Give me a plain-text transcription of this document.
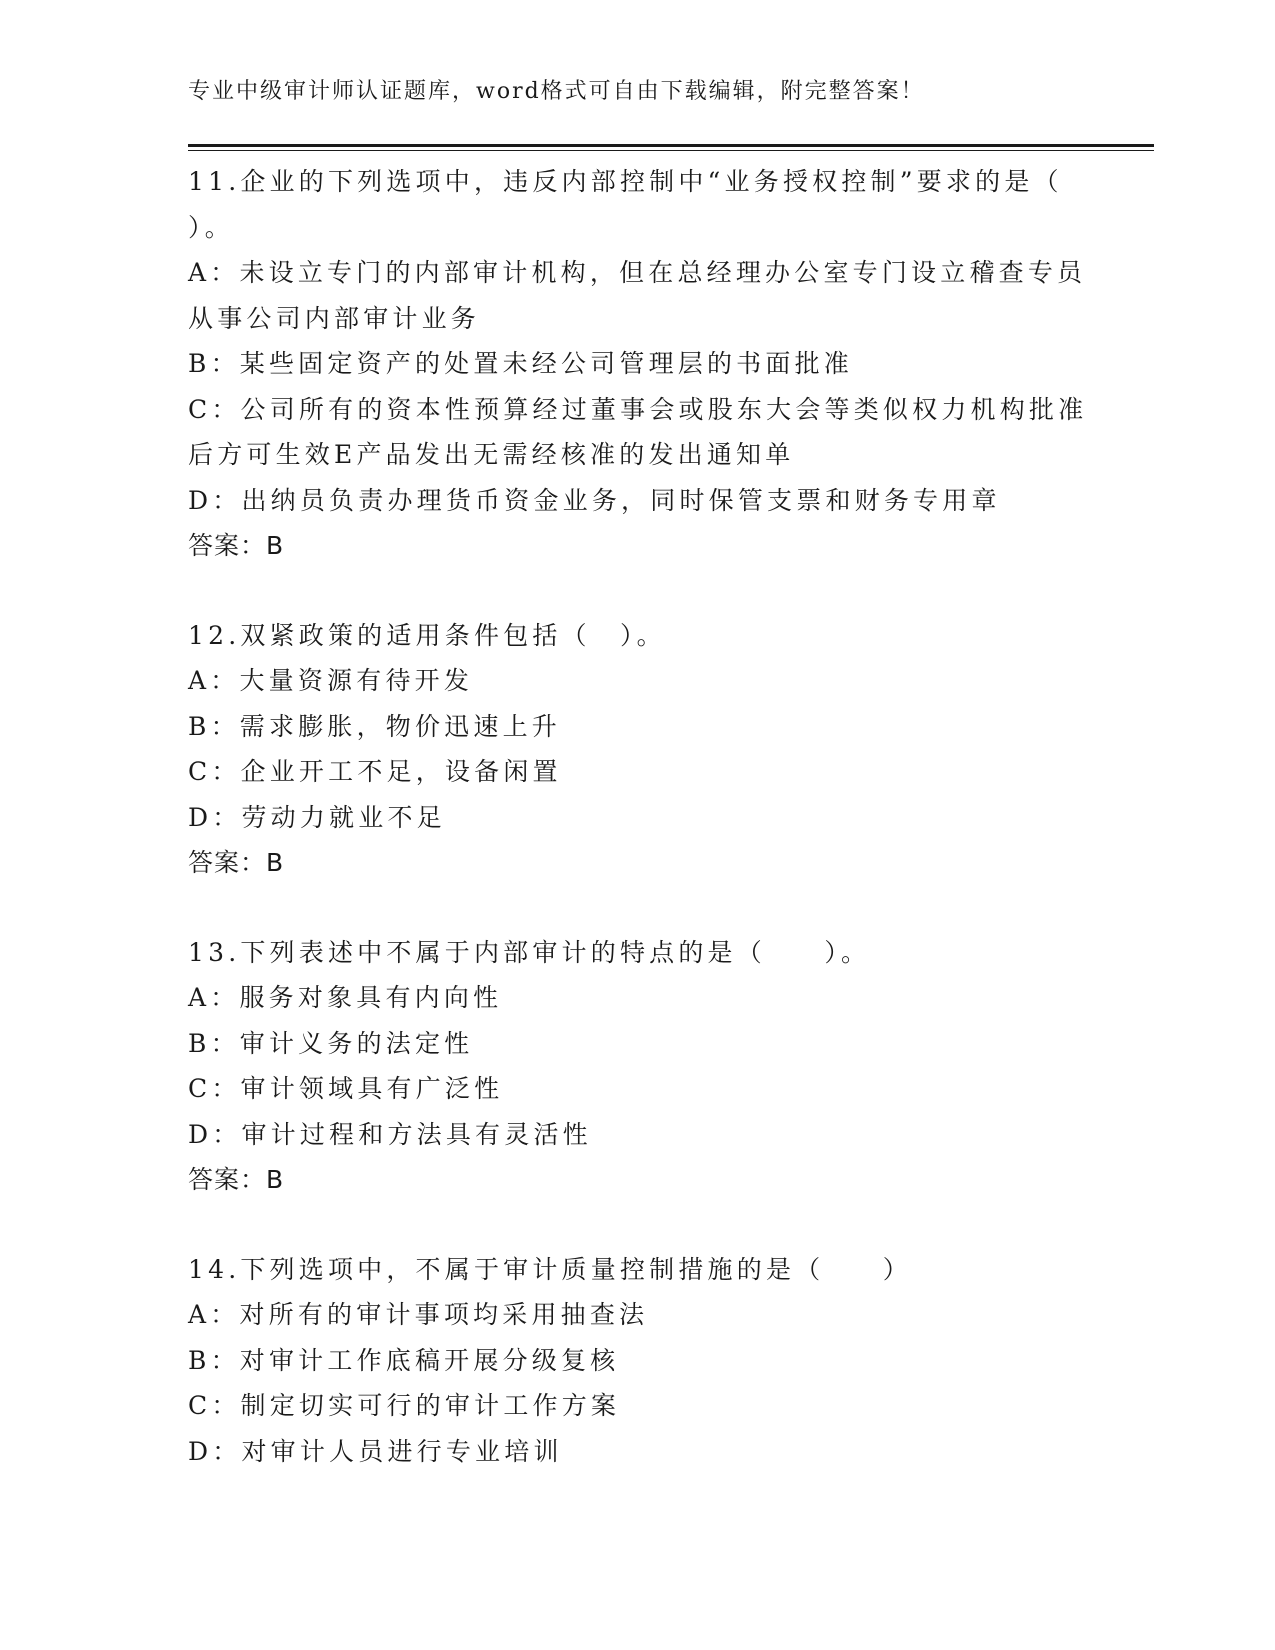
专业中级审计师认证题库，word格式可自由下载编辑，附完整答案！
11.企业的下列选项中，违反内部控制中“业务授权控制”要求的是（ ）。
A：未设立专门的内部审计机构，但在总经理办公室专门设立稽查专员从事公司内部审计业务
B：某些固定资产的处置未经公司管理层的书面批准
C：公司所有的资本性预算经过董事会或股东大会等类似权力机构批准后方可生效E产品发出无需经核准的发出通知单
D：出纳员负责办理货币资金业务，同时保管支票和财务专用章
答案：B
12.双紧政策的适用条件包括（　）。
A：大量资源有待开发
B：需求膨胀，物价迅速上升
C：企业开工不足，设备闲置
D：劳动力就业不足
答案：B
13.下列表述中不属于内部审计的特点的是（　　）。
A：服务对象具有内向性
B：审计义务的法定性
C：审计领域具有广泛性
D：审计过程和方法具有灵活性
答案：B
14.下列选项中，不属于审计质量控制措施的是（　　）
A：对所有的审计事项均采用抽查法
B：对审计工作底稿开展分级复核
C：制定切实可行的审计工作方案
D：对审计人员进行专业培训
